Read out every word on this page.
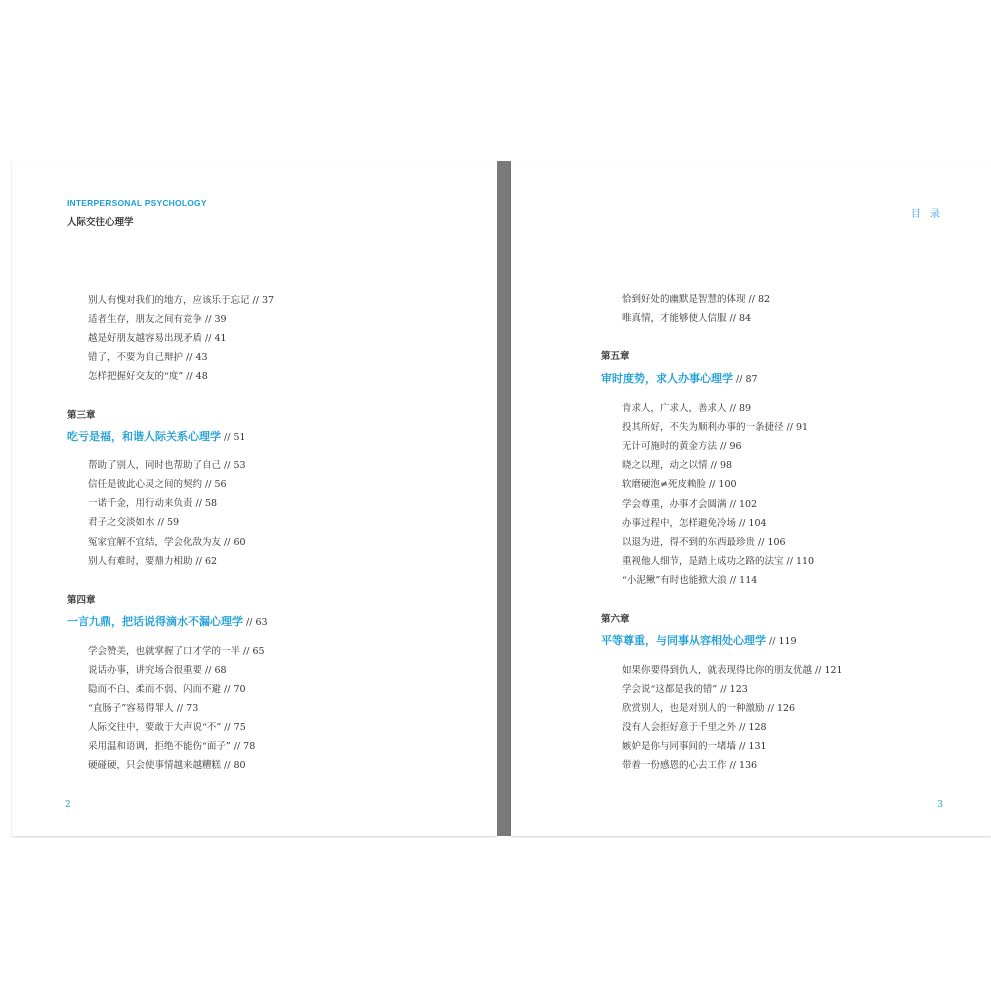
INTERPERSONAL PSYCHOLOGY
人际交往心理学
别人有愧对我们的地方，应该乐于忘记 // 37
适者生存，朋友之间有竞争 // 39
越是好朋友越容易出现矛盾 // 41
错了，不要为自己辩护 // 43
怎样把握好交友的“度” // 48
第三章
吃亏是福，和谐人际关系心理学 // 51
帮助了别人，同时也帮助了自己 // 53
信任是彼此心灵之间的契约 // 56
一诺千金，用行动来负责 // 58
君子之交淡如水 // 59
冤家宜解不宜结，学会化敌为友 // 60
别人有难时，要鼎力相助 // 62
第四章
一言九鼎，把话说得滴水不漏心理学 // 63
学会赞美，也就掌握了口才学的一半 // 65
说话办事，讲究场合很重要 // 68
隐而不白、柔而不弱、闪而不避 // 70
“直肠子”容易得罪人 // 73
人际交往中，要敢于大声说“不” // 75
采用温和语调，拒绝不能伤“面子” // 78
硬碰硬，只会使事情越来越糟糕 // 80
2
目 录
恰到好处的幽默是智慧的体现 // 82
唯真情，才能够使人信服 // 84
第五章
审时度势，求人办事心理学 // 87
肯求人，广求人，善求人 // 89
投其所好，不失为顺利办事的一条捷径 // 91
无计可施时的黄金方法 // 96
晓之以理，动之以情 // 98
软磨硬泡≠死皮赖脸 // 100
学会尊重，办事才会圆满 // 102
办事过程中，怎样避免冷场 // 104
以退为进，得不到的东西最珍贵 // 106
重视他人细节，是踏上成功之路的法宝 // 110
“小泥鳅”有时也能掀大浪 // 114
第六章
平等尊重，与同事从容相处心理学 // 119
如果你要得到仇人，就表现得比你的朋友优越 // 121
学会说“这都是我的错” // 123
欣赏别人，也是对别人的一种激励 // 126
没有人会拒好意于千里之外 // 128
嫉妒是你与同事间的一堵墙 // 131
带着一份感恩的心去工作 // 136
3
